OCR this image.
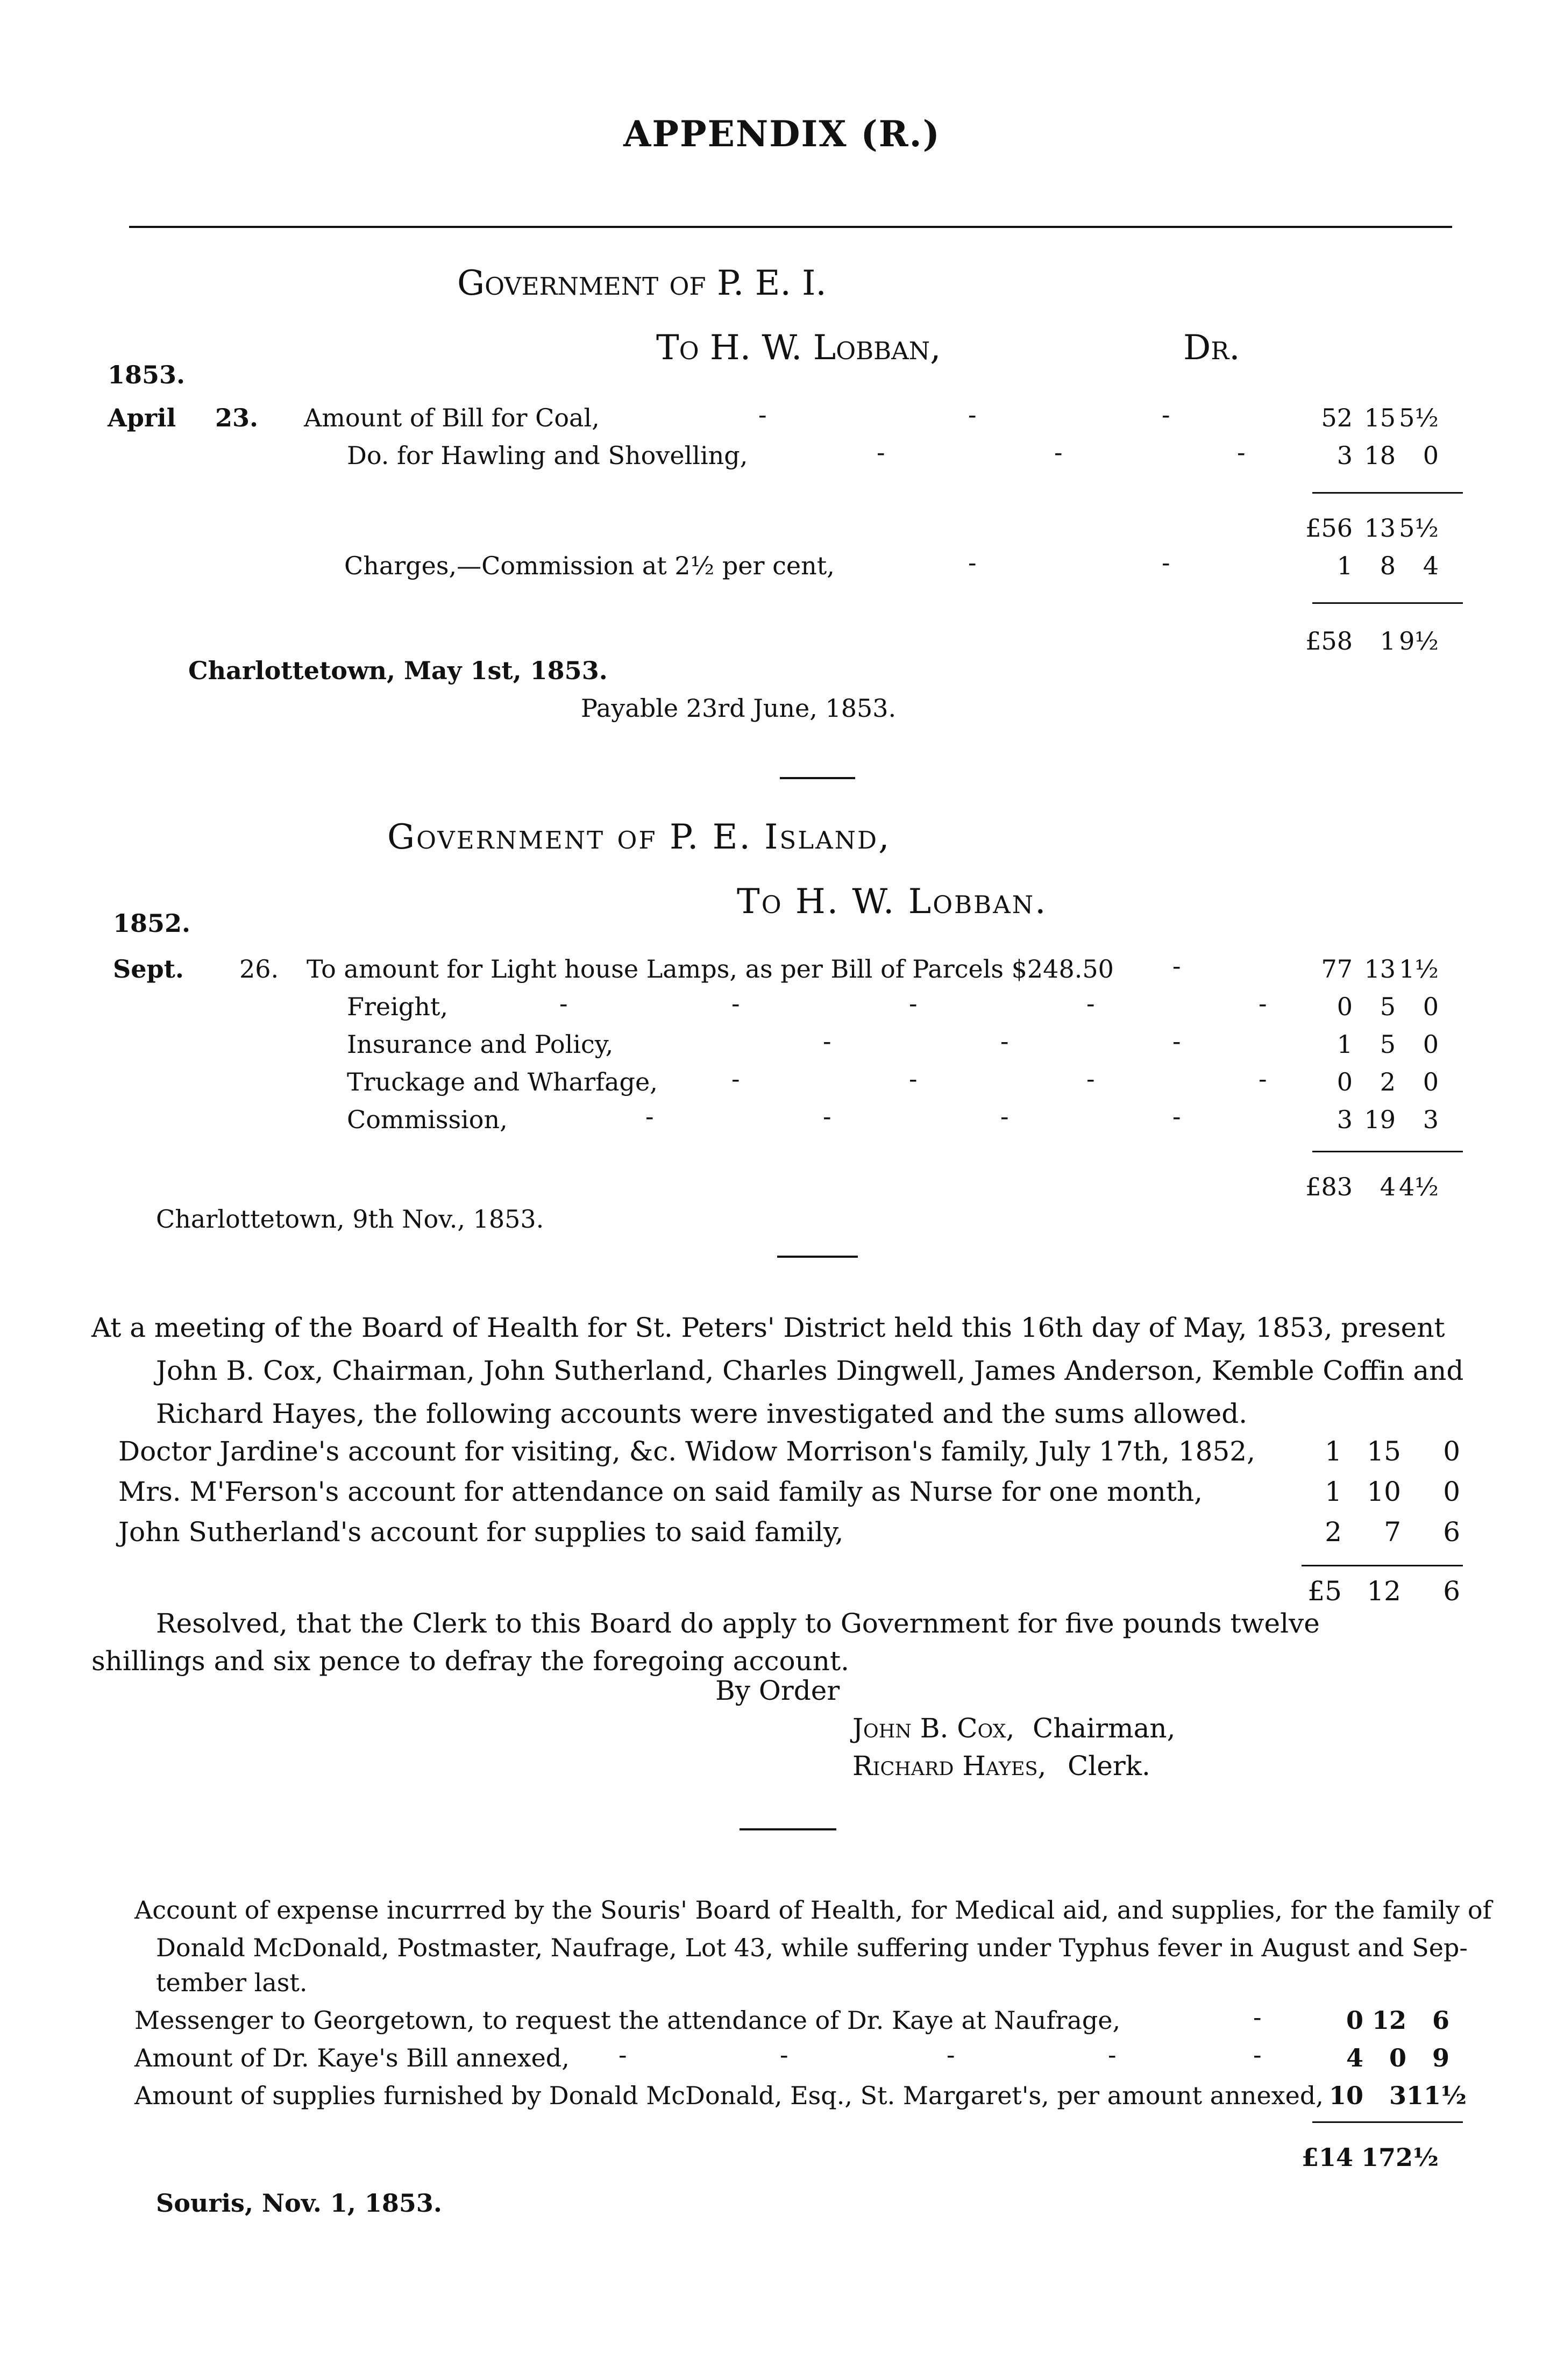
APPENDIX (R.)
Government of P. E. I.
To H. W. Lobban,	Dr.
1853.
April 23. Amount of Bill for Coal,	-	-	-	52 15 5½
Do. for Hawling and Shovelling,	-	-	-	3 18 0
£56 13 5½
Charges,—Commission at 2½ per cent,	-	-	1 8 4
£58 1 9½
Charlottetown, May 1st, 1853.
Payable 23rd June, 1853.
Government of P. E. Island,
To H. W. Lobban.
1852.
Sept. 26. To amount for Light house Lamps, as per Bill of Parcels $248.50 -	77 13 1½
Freight,	-	-	-	-	-	0 5 0
Insurance and Policy,	-	-	-	1 5 0
Truckage and Wharfage,	-	-	-	-	0 2 0
Commission,	-	-	-	-	3 19 3
£83 4 4½
Charlottetown, 9th Nov., 1853.
At a meeting of the Board of Health for St. Peters' District held this 16th day of May, 1853, present
John B. Cox, Chairman, John Sutherland, Charles Dingwell, James Anderson, Kemble Coffin and
Richard Hayes, the following accounts were investigated and the sums allowed.
Doctor Jardine's account for visiting, &c. Widow Morrison's family, July 17th, 1852,	1 15 0
Mrs. M'Ferson's account for attendance on said family as Nurse for one month,	1 10 0
John Sutherland's account for supplies to said family,	2 7 6
£5 12 6
Resolved, that the Clerk to this Board do apply to Government for five pounds twelve
shillings and six pence to defray the foregoing account.
By Order
John B. Cox, Chairman,
Richard Hayes, Clerk.
Account of expense incurrred by the Souris' Board of Health, for Medical aid, and supplies, for the family of
Donald McDonald, Postmaster, Naufrage, Lot 43, while suffering under Typhus fever in August and Sep-
tember last.
Messenger to Georgetown, to request the attendance of Dr. Kaye at Naufrage,	-	0 12 6
Amount of Dr. Kaye's Bill annexed, -	-	-	-	-	4 0 9
Amount of supplies furnished by Donald McDonald, Esq., St. Margaret's, per amount annexed, 10 311½
£14 172½
Souris, Nov. 1, 1853.
